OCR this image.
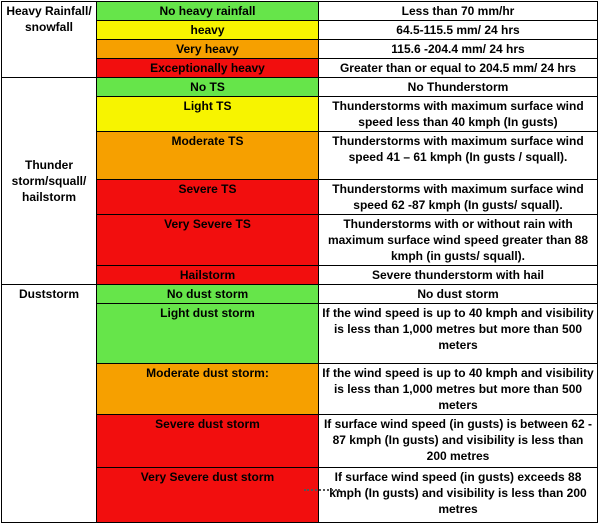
Heavy Rainfall/ snowfall	No heavy rainfall	Less than 70 mm/hr
	heavy	64.5-115.5 mm/ 24 hrs
	Very heavy	115.6 -204.4 mm/ 24 hrs
	Exceptionally heavy	Greater than or equal to 204.5 mm/ 24 hrs
Thunder storm/squall/ hailstorm	No TS	No Thunderstorm
	Light TS	Thunderstorms with maximum surface wind speed less than 40 kmph (In gusts)
	Moderate TS	Thunderstorms with maximum surface wind speed 41 – 61 kmph (In gusts / squall).
	Severe TS	Thunderstorms with maximum surface wind speed 62 -87 kmph (In gusts/ squall).
	Very Severe TS	Thunderstorms with or without rain with maximum surface wind speed greater than 88 kmph (in gusts/ squall).
	Hailstorm	Severe thunderstorm with hail
Duststorm	No dust storm	No dust storm
	Light dust storm	If the wind speed is up to 40 kmph and visibility is less than 1,000 metres but more than 500 meters
	Moderate dust storm:	If the wind speed is up to 40 kmph and visibility is less than 1,000 metres but more than 500 meters
	Severe dust storm	If surface wind speed (in gusts) is between 62 - 87 kmph (In gusts) and visibility is less than 200 metres
	Very Severe dust storm	If surface wind speed (in gusts) exceeds 88 kmph (In gusts) and visibility is less than 200 metres
